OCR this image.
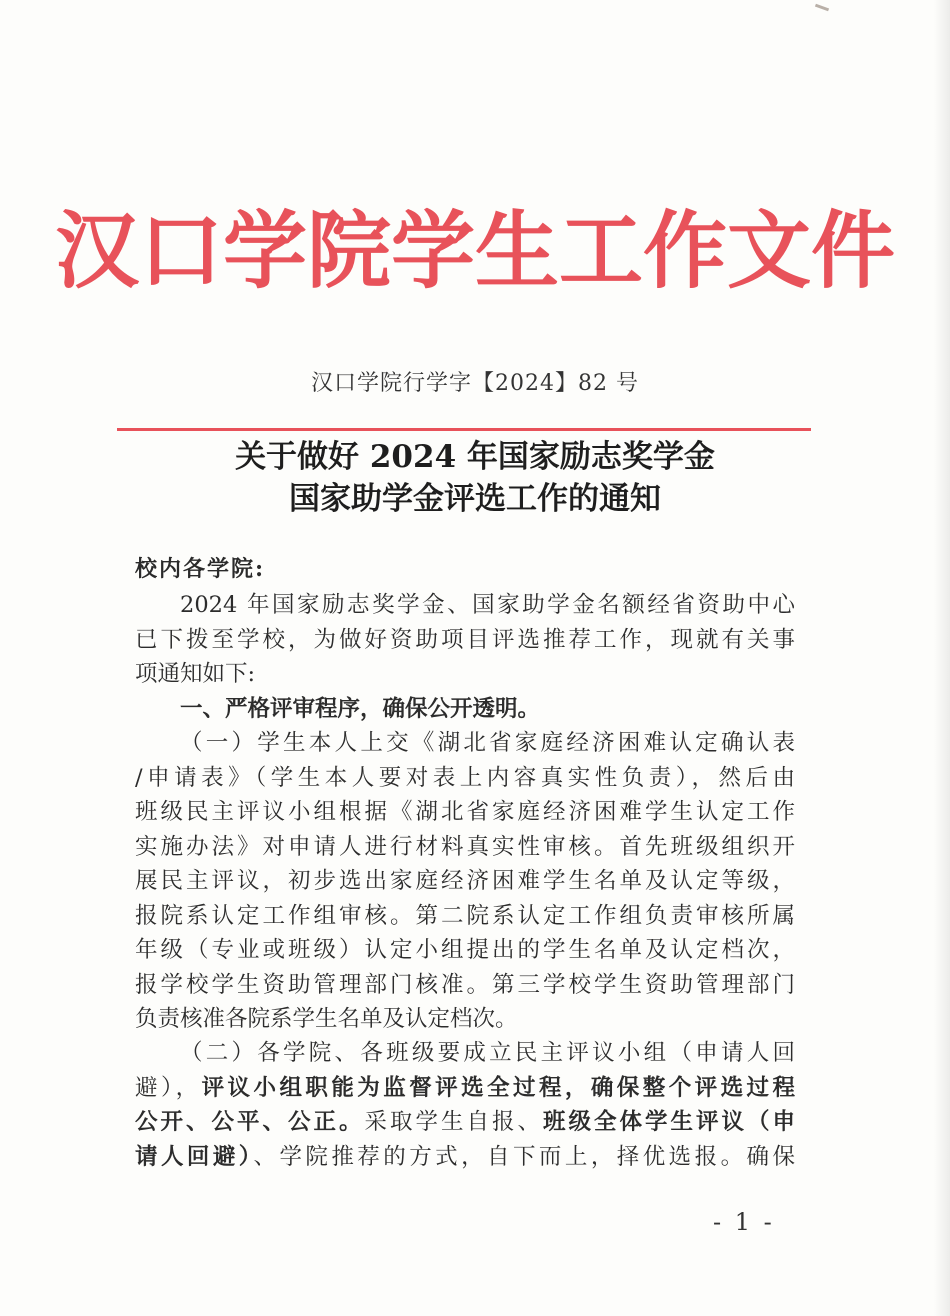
汉口学院学生工作文件
汉口学院行学字【2024】82 号
关于做好 2024 年国家励志奖学金
国家助学金评选工作的通知
校内各学院:
2024 年国家励志奖学金、国家助学金名额经省资助中心
已下拨至学校，为做好资助项目评选推荐工作，现就有关事
项通知如下:
一、严格评审程序，确保公开透明。
（一）学生本人上交《湖北省家庭经济困难认定确认表
/申请表》（学生本人要对表上内容真实性负责），然后由
班级民主评议小组根据《湖北省家庭经济困难学生认定工作
实施办法》对申请人进行材料真实性审核。首先班级组织开
展民主评议，初步选出家庭经济困难学生名单及认定等级，
报院系认定工作组审核。第二院系认定工作组负责审核所属
年级（专业或班级）认定小组提出的学生名单及认定档次，
报学校学生资助管理部门核准。第三学校学生资助管理部门
负责核准各院系学生名单及认定档次。
（二）各学院、各班级要成立民主评议小组（申请人回
避），评议小组职能为监督评选全过程，确保整个评选过程
公开、公平、公正。采取学生自报、班级全体学生评议（申
请人回避）、学院推荐的方式，自下而上，择优选报。确保
- 1 -
